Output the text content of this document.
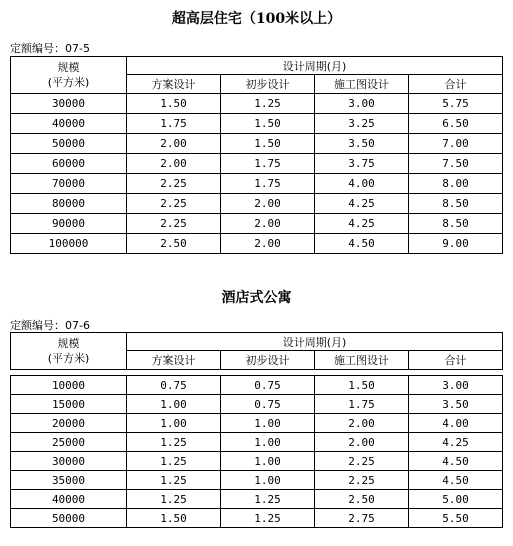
超高层住宅（100米以上）
定额编号：07-5
规模
(平方米)	设计周期(月)			
	方案设计	初步设计	施工图设计	合计
30000	1.50	1.25	3.00	5.75
40000	1.75	1.50	3.25	6.50
50000	2.00	1.50	3.50	7.00
60000	2.00	1.75	3.75	7.50
70000	2.25	1.75	4.00	8.00
80000	2.25	2.00	4.25	8.50
90000	2.25	2.00	4.25	8.50
100000	2.50	2.00	4.50	9.00
酒店式公寓
定额编号：07-6
规模
(平方米)	设计周期(月)			
	方案设计	初步设计	施工图设计	合计

10000	0.75	0.75	1.50	3.00
15000	1.00	0.75	1.75	3.50
20000	1.00	1.00	2.00	4.00
25000	1.25	1.00	2.00	4.25
30000	1.25	1.00	2.25	4.50
35000	1.25	1.00	2.25	4.50
40000	1.25	1.25	2.50	5.00
50000	1.50	1.25	2.75	5.50
